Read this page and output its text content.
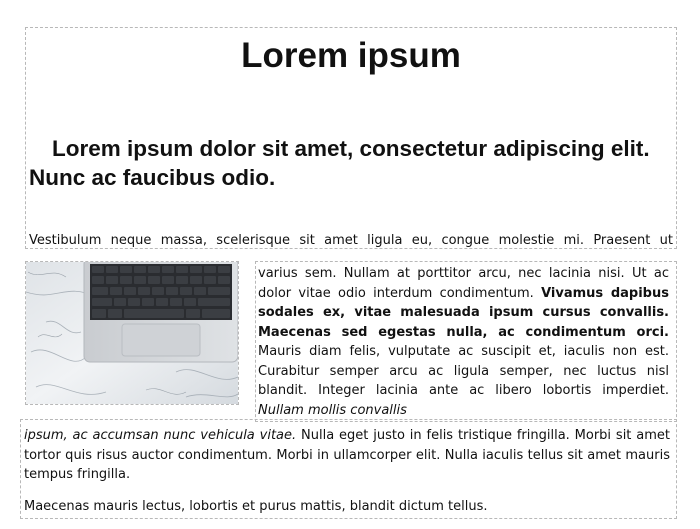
Lorem ipsum
Lorem ipsum dolor sit amet, consectetur adipiscing elit. Nunc ac faucibus odio.

Vestibulum neque massa, scelerisque sit amet ligula eu, congue molestie mi. Praesent ut

varius sem. Nullam at porttitor arcu, nec lacinia nisi. Ut ac dolor vitae odio interdum condimentum. Vivamus dapibus sodales ex, vitae malesuada ipsum cursus convallis. Maecenas sed egestas nulla, ac condimentum orci. Mauris diam felis, vulputate ac suscipit et, iaculis non est. Curabitur semper arcu ac ligula semper, nec luctus nisl blandit. Integer lacinia ante ac libero lobortis imperdiet. Nullam mollis convallis

ipsum, ac accumsan nunc vehicula vitae. Nulla eget justo in felis tristique fringilla. Morbi sit amet tortor quis risus auctor condimentum. Morbi in ullamcorper elit. Nulla iaculis tellus sit amet mauris tempus fringilla.

Maecenas mauris lectus, lobortis et purus mattis, blandit dictum tellus.
